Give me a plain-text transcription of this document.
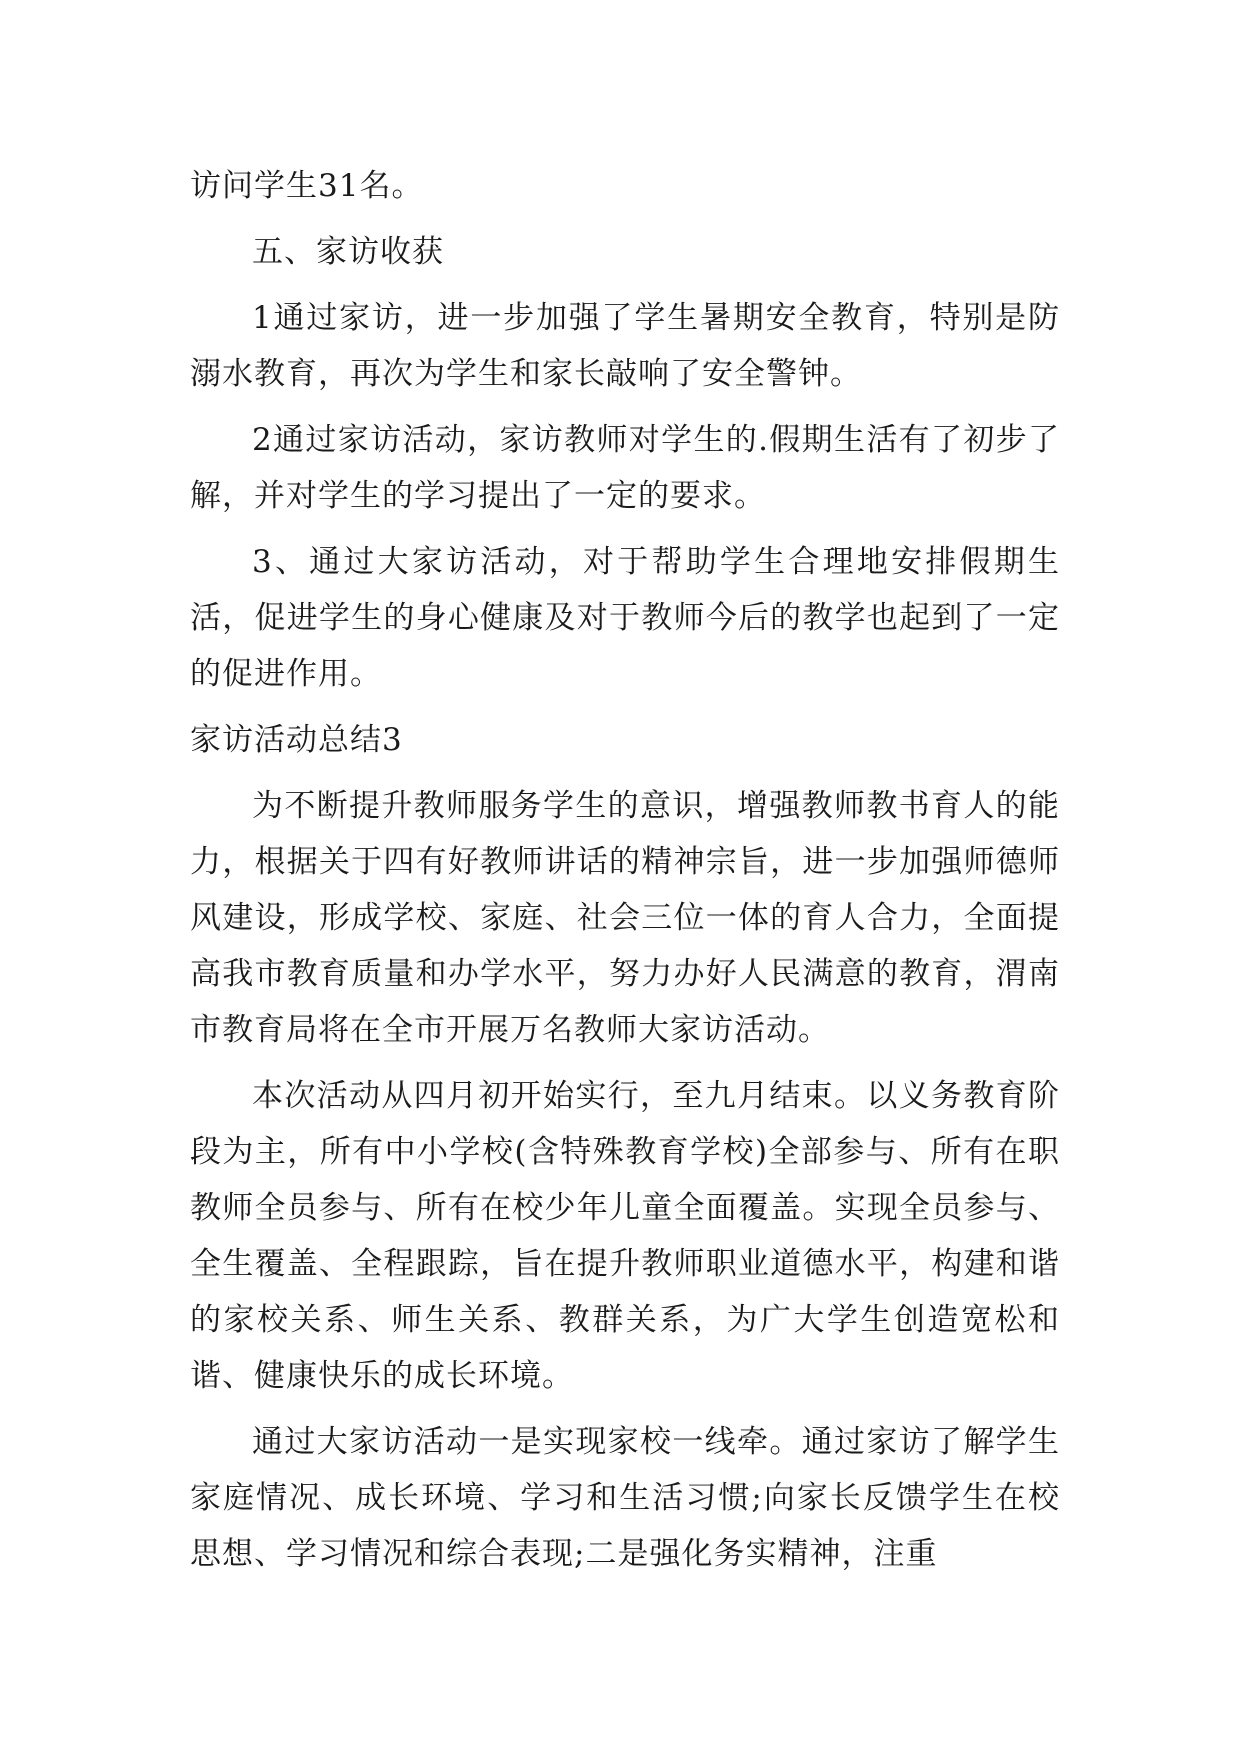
访问学生31名。

五、家访收获

1通过家访，进一步加强了学生暑期安全教育，特别是防溺水教育，再次为学生和家长敲响了安全警钟。

2通过家访活动，家访教师对学生的.假期生活有了初步了解，并对学生的学习提出了一定的要求。

3、通过大家访活动，对于帮助学生合理地安排假期生活，促进学生的身心健康及对于教师今后的教学也起到了一定的促进作用。

家访活动总结3

为不断提升教师服务学生的意识，增强教师教书育人的能力，根据关于四有好教师讲话的精神宗旨，进一步加强师德师风建设，形成学校、家庭、社会三位一体的育人合力，全面提高我市教育质量和办学水平，努力办好人民满意的教育，渭南市教育局将在全市开展万名教师大家访活动。

本次活动从四月初开始实行，至九月结束。以义务教育阶段为主，所有中小学校(含特殊教育学校)全部参与、所有在职教师全员参与、所有在校少年儿童全面覆盖。实现全员参与、全生覆盖、全程跟踪，旨在提升教师职业道德水平，构建和谐的家校关系、师生关系、教群关系，为广大学生创造宽松和谐、健康快乐的成长环境。

通过大家访活动一是实现家校一线牵。通过家访了解学生家庭情况、成长环境、学习和生活习惯;向家长反馈学生在校思想、学习情况和综合表现;二是强化务实精神，注重
